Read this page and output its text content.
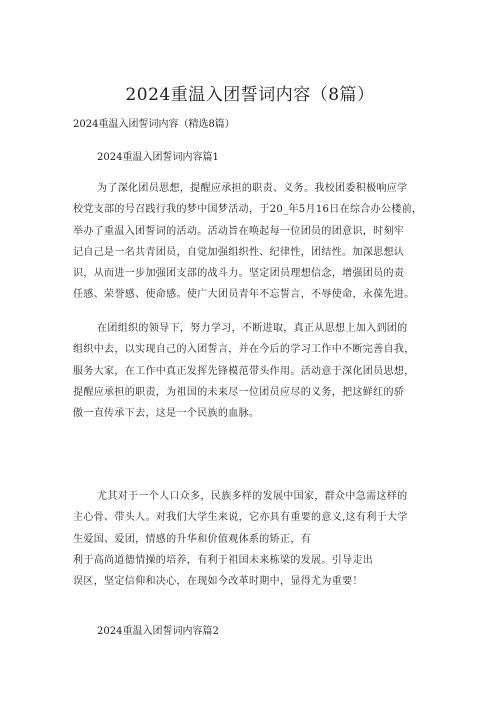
2024重温入团誓词内容（8篇）
2024重温入团誓词内容（精选8篇）
2024重温入团誓词内容篇1
为了深化团员思想，提醒应承担的职责、义务。我校团委积极响应学
校党支部的号召践行我的梦中国梦活动，于20_年5月16日在综合办公楼前，
举办了重温入团誓词的活动。活动旨在唤起每一位团员的团意识，时刻牢
记自己是一名共青团员，自觉加强组织性、纪律性，团结性。加深思想认
识，从而进一步加强团支部的战斗力。坚定团员理想信念，增强团员的责
任感、荣誉感、使命感。使广大团员青年不忘誓言，不辱使命，永葆先进。
在团组织的领导下，努力学习，不断进取，真正从思想上加入到团的
组织中去，以实现自己的入团誓言，并在今后的学习工作中不断完善自我，
服务大家，在工作中真正发挥先锋模范带头作用。活动意于深化团员思想，
提醒应承担的职责，为祖国的未来尽一位团员应尽的义务，把这鲜红的骄
傲一直传承下去，这是一个民族的血脉。
尤其对于一个人口众多，民族多样的发展中国家，群众中急需这样的
主心骨、带头人。对我们大学生来说，它亦具有重要的意义,这有利于大学
生爱国、爱团，情感的升华和价值观体系的矫正，有
利于高尚道德情操的培养，有利于祖国未来栋梁的发展。引导走出
误区，坚定信仰和决心，在现如今改革时期中，显得尤为重要！
2024重温入团誓词内容篇2
